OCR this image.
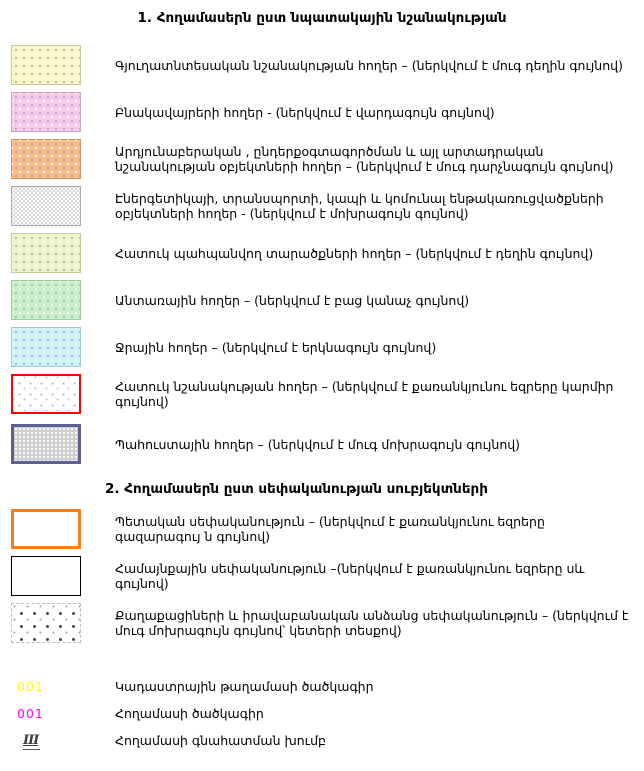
1. Հողամասերն ըստ նպատակային նշանակության
Գյուղատնտեսական նշանակության հողեր – (ներկվում է մուգ դեղին գույնով)
Բնակավայրերի հողեր - (ներկվում է վարդագույն գույնով)
Արդյունաբերական , ընդերքօգտագործման և այլ արտադրական նշանակության օբյեկտների հողեր – (ներկվում է մուգ դարչնագույն գույնով)
Էներգետիկայի, տրանսպորտի, կապի և կոմունալ ենթակառուցվածքների օբյեկտների հողեր - (ներկվում է մոխրագույն գույնով)
Հատուկ պահպանվող տարածքների հողեր – (ներկվում է դեղին գույնով)
Անտառային հողեր – (ներկվում է բաց կանաչ գույնով)
Ջրային հողեր – (ներկվում է երկնագույն գույնով)
Հատուկ նշանակության հողեր – (ներկվում է քառանկյունու եզրերը կարմիր գույնով)
Պահուստային հողեր – (ներկվում է մուգ մոխրագույն գույնով)
2. Հողամասերն ըստ սեփականության սուբյեկտների
Պետական սեփականություն – (ներկվում է քառանկյունու եզրերը գազարագույ ն գույնով)
Համայնքային սեփականություն –(ներկվում է քառանկյունու եզրերը սև գույնով)
Քաղաքացիների և իրավաբանական անձանց սեփականություն – (ներկվում է մուգ մոխրագույն գույնով՝ կետերի տեսքով)
001	Կադաստրային թաղամասի ծածկագիր
001	Հողամասի ծածկագիր
III	Հողամասի գնահատման խումբ
